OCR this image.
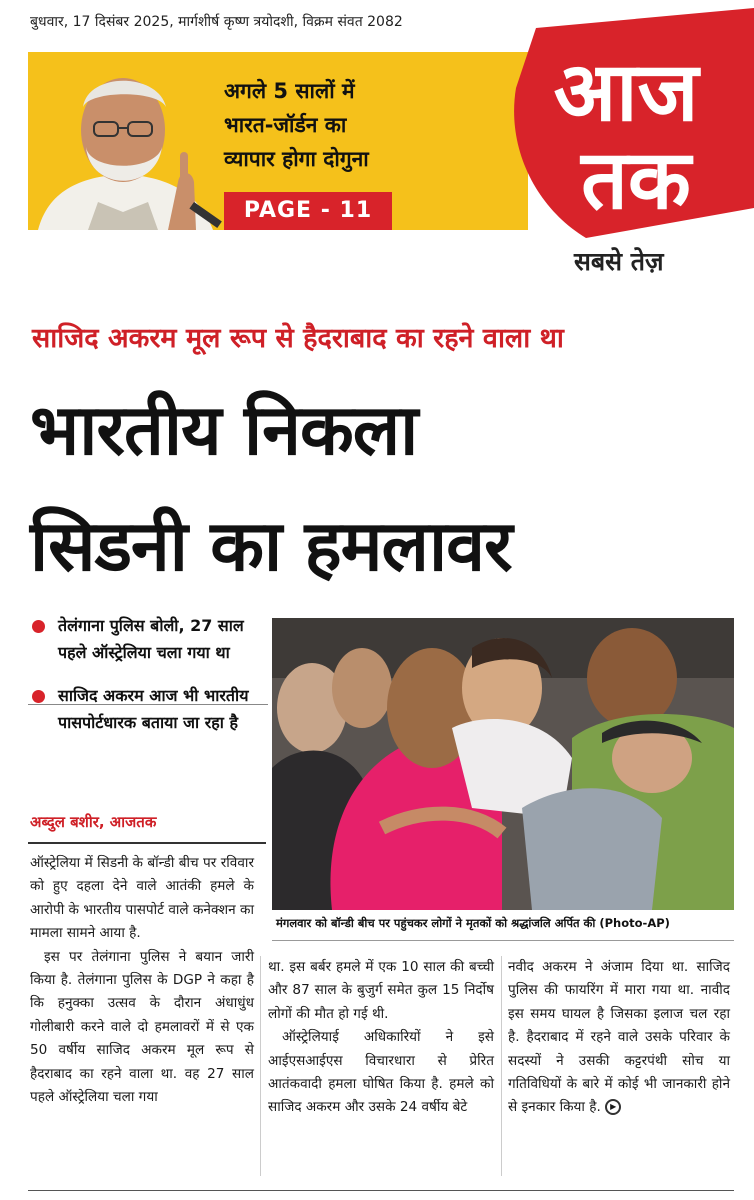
बुधवार, 17 दिसंबर 2025, मार्गशीर्ष कृष्ण त्रयोदशी, विक्रम संवत 2082
अगले 5 सालों में
भारत-जॉर्डन का
व्यापार होगा दोगुना
PAGE - 11
आज
तक
सबसे तेज़
साजिद अकरम मूल रूप से हैदराबाद का रहने वाला था
भारतीय निकला
सिडनी का हमलावर
तेलंगाना पुलिस बोली, 27 साल पहले ऑस्ट्रेलिया चला गया था
साजिद अकरम आज भी भारतीय पासपोर्टधारक बताया जा रहा है
अब्दुल बशीर, आजतक
मंगलवार को बॉन्डी बीच पर पहुंचकर लोगों ने मृतकों को श्रद्धांजलि अर्पित की (Photo-AP)

ऑस्ट्रेलिया में सिडनी के बॉन्डी बीच पर रविवार को हुए दहला देने वाले आतंकी हमले के आरोपी के भारतीय पासपोर्ट वाले कनेक्शन का मामला सामने आया है.

इस पर तेलंगाना पुलिस ने बयान जारी किया है. तेलंगाना पुलिस के DGP ने कहा है कि हनुक्का उत्सव के दौरान अंधाधुंध गोलीबारी करने वाले दो हमलावरों में से एक 50 वर्षीय साजिद अकरम मूल रूप से हैदराबाद का रहने वाला था. वह 27 साल पहले ऑस्ट्रेलिया चला गया

था. इस बर्बर हमले में एक 10 साल की बच्ची और 87 साल के बुजुर्ग समेत कुल 15 निर्दोष लोगों की मौत हो गई थी.

ऑस्ट्रेलियाई अधिकारियों ने इसे आईएसआईएस विचारधारा से प्रेरित आतंकवादी हमला घोषित किया है. हमले को साजिद अकरम और उसके 24 वर्षीय बेटे

नवीद अकरम ने अंजाम दिया था. साजिद पुलिस की फायरिंग में मारा गया था. नावीद इस समय घायल है जिसका इलाज चल रहा है. हैदराबाद में रहने वाले उसके परिवार के सदस्यों ने उसकी कट्टरपंथी सोच या गतिविधियों के बारे में कोई भी जानकारी होने से इनकार किया है. ▶
